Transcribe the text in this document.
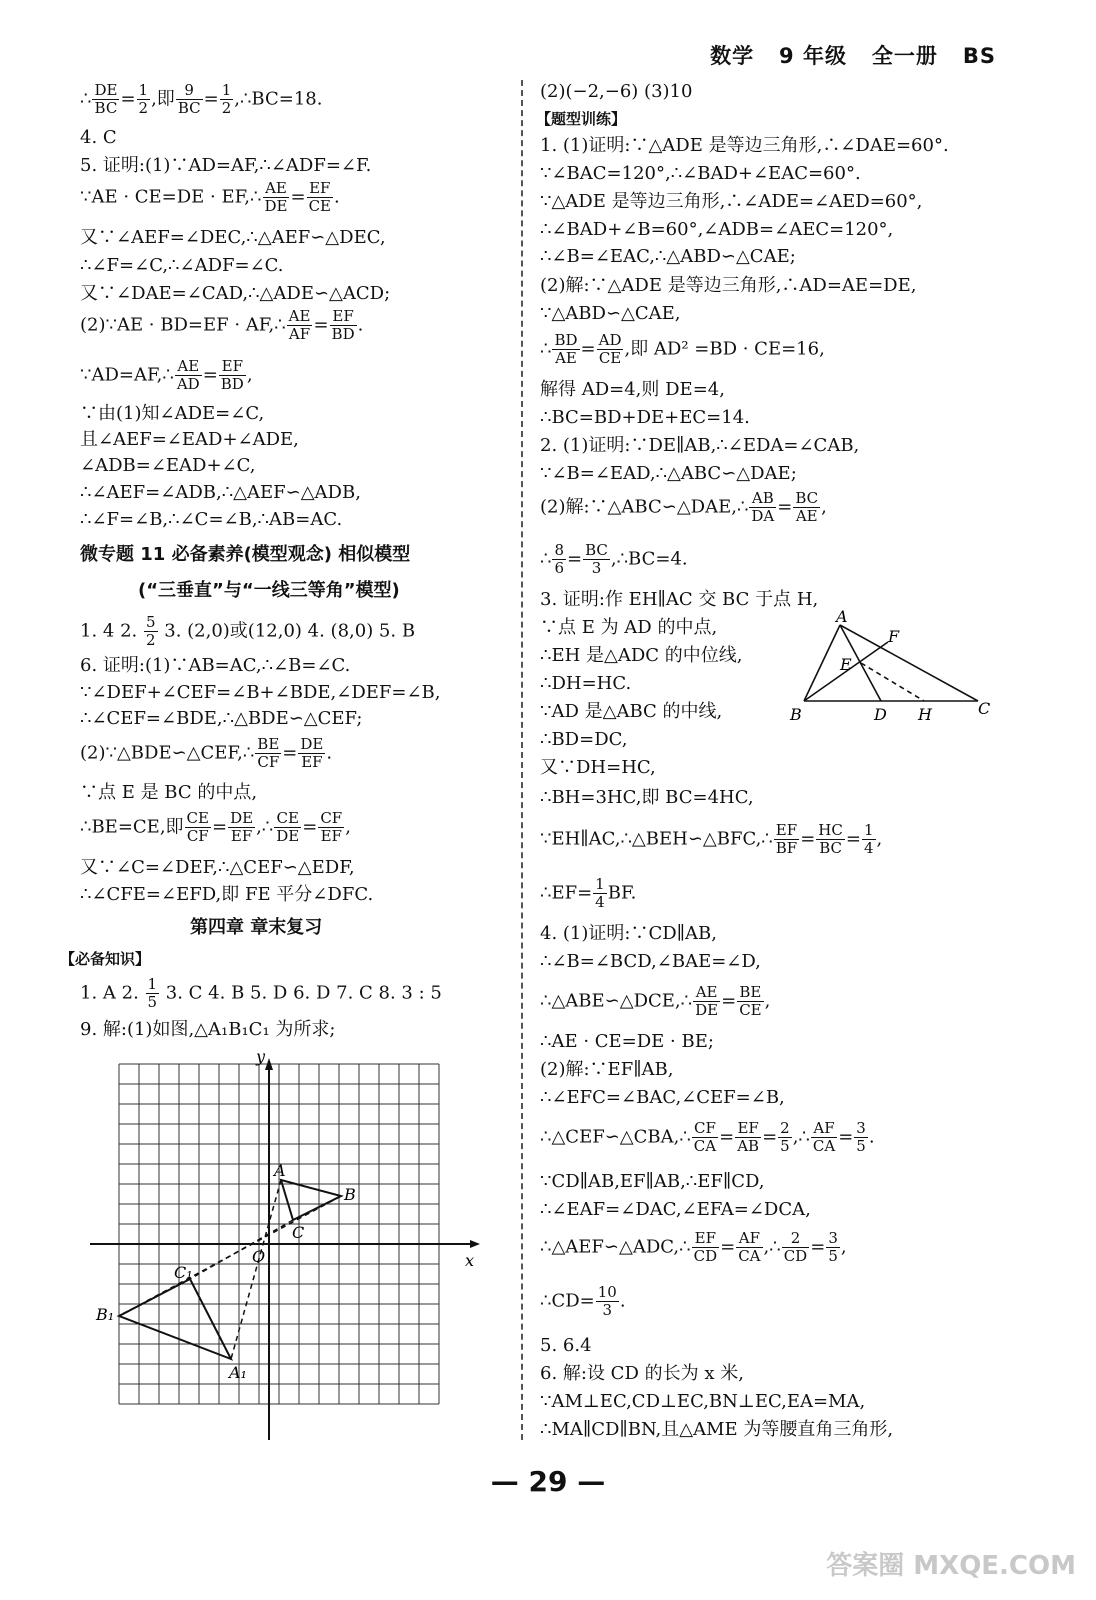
数学 9 年级 全一册 BS
∴ $\frac{DE}{BC} = \frac{1}{2}$ ,即 $\frac{9}{BC} = \frac{1}{2}$ ,∴BC=18.
4. C
5. 证明:(1)∵AD=AF,∴∠ADF=∠F.
∵AE · CE=DE · EF,∴ $\frac{AE}{DE} = \frac{EF}{CE}$ .
又∵∠AEF=∠DEC,∴△AEF∽△DEC,
∴∠F=∠C,∴∠ADF=∠C.
又∵∠DAE=∠CAD,∴△ADE∽△ACD;
(2)∵AE · BD=EF · AF,∴ $\frac{AE}{AF} = \frac{EF}{BD}$ .
∵AD=AF,∴ $\frac{AE}{AD} = \frac{EF}{BD}$ ,
∵由(1)知∠ADE=∠C,
且∠AEF=∠EAD+∠ADE,
∠ADB=∠EAD+∠C,
∴∠AEF=∠ADB,∴△AEF∽△ADB,
∴∠F=∠B,∴∠C=∠B,∴AB=AC.
微专题 11 必备素养(模型观念) 相似模型
(“三垂直”与“一线三等角”模型)
1. 4 2. $\frac{5}{2} 3$. (2,0)或(12,0) 4. (8,0) 5. B
6. 证明:(1)∵AB=AC,∴∠B=∠C.
∵∠DEF+∠CEF=∠B+∠BDE,∠DEF=∠B,
∴∠CEF=∠BDE,∴△BDE∽△CEF;
(2)∵△BDE∽△CEF,∴ $\frac{BE}{CF} = \frac{DE}{EF}$ .
∵点 E 是 BC 的中点,
∴BE=CE,即 $\frac{CE}{CF} = \frac{DE}{EF}$ ,∴ $\frac{CE}{DE} = \frac{CF}{EF}$ ,
又∵∠C=∠DEF,∴△CEF∽△EDF,
∴∠CFE=∠EFD,即 FE 平分∠DFC.
第四章 章末复习
【必备知识】
1. A 2. $\frac{1}{5} 3$. C 4. B 5. D 6. D 7. C 8. 3 : 5
9. 解:(1)如图,△A₁B₁C₁ 为所求;
y
x
O
A
B
C
A₁
B₁
C₁
(2)(−2,−6) (3)10
【题型训练】
1. (1)证明:∵△ADE 是等边三角形,∴∠DAE=60°.
∵∠BAC=120°,∴∠BAD+∠EAC=60°.
∵△ADE 是等边三角形,∴∠ADE=∠AED=60°,
∴∠BAD+∠B=60°,∠ADB=∠AEC=120°,
∴∠B=∠EAC,∴△ABD∽△CAE;
(2)解:∵△ADE 是等边三角形,∴AD=AE=DE,
∵△ABD∽△CAE,
∴ $\frac{BD}{AE} = \frac{AD}{CE}$ ,即 AD² =BD · CE=16,
解得 AD=4,则 DE=4,
∴BC=BD+DE+EC=14.
2. (1)证明:∵DE∥AB,∴∠EDA=∠CAB,
∵∠B=∠EAD,∴△ABC∽△DAE;
(2)解:∵△ABC∽△DAE,∴ $\frac{AB}{DA} = \frac{BC}{AE}$ ,
∴ $\frac{8}{6} = \frac{BC}{3}$ ,∴BC=4.
3. 证明:作 EH∥AC 交 BC 于点 H,
∵点 E 为 AD 的中点,
∴EH 是△ADC 的中位线,
∴DH=HC.
∵AD 是△ABC 的中线,
∴BD=DC,
又∵DH=HC,
∴BH=3HC,即 BC=4HC,
∵EH∥AC,∴△BEH∽△BFC,∴ $\frac{EF}{BF} = \frac{HC}{BC} = \frac{1}{4}$ ,
∴EF= $\frac{1}{4}$ BF.
A
B	C
D
E
F
H
4. (1)证明:∵CD∥AB,
∴∠B=∠BCD,∠BAE=∠D,
∴△ABE∽△DCE,∴ $\frac{AE}{DE} = \frac{BE}{CE}$ ,
∴AE · CE=DE · BE;
(2)解:∵EF∥AB,
∴∠EFC=∠BAC,∠CEF=∠B,
∴△CEF∽△CBA,∴ $\frac{CF}{CA} = \frac{EF}{AB} = \frac{2}{5}$ ,∴ $\frac{AF}{CA} = \frac{3}{5}$ .
∵CD∥AB,EF∥AB,∴EF∥CD,
∴∠EAF=∠DAC,∠EFA=∠DCA,
∴△AEF∽△ADC,∴ $\frac{EF}{CD} = \frac{AF}{CA}$ ,∴ $\frac{2}{CD} = \frac{3}{5}$ ,
∴CD= $\frac{10}{3}$ .
5. 6.4
6. 解:设 CD 的长为 x 米,
∵AM⊥EC,CD⊥EC,BN⊥EC,EA=MA,
∴MA∥CD∥BN,且△AME 为等腰直角三角形,
— 29 —
答案圈 MXQE.COM
